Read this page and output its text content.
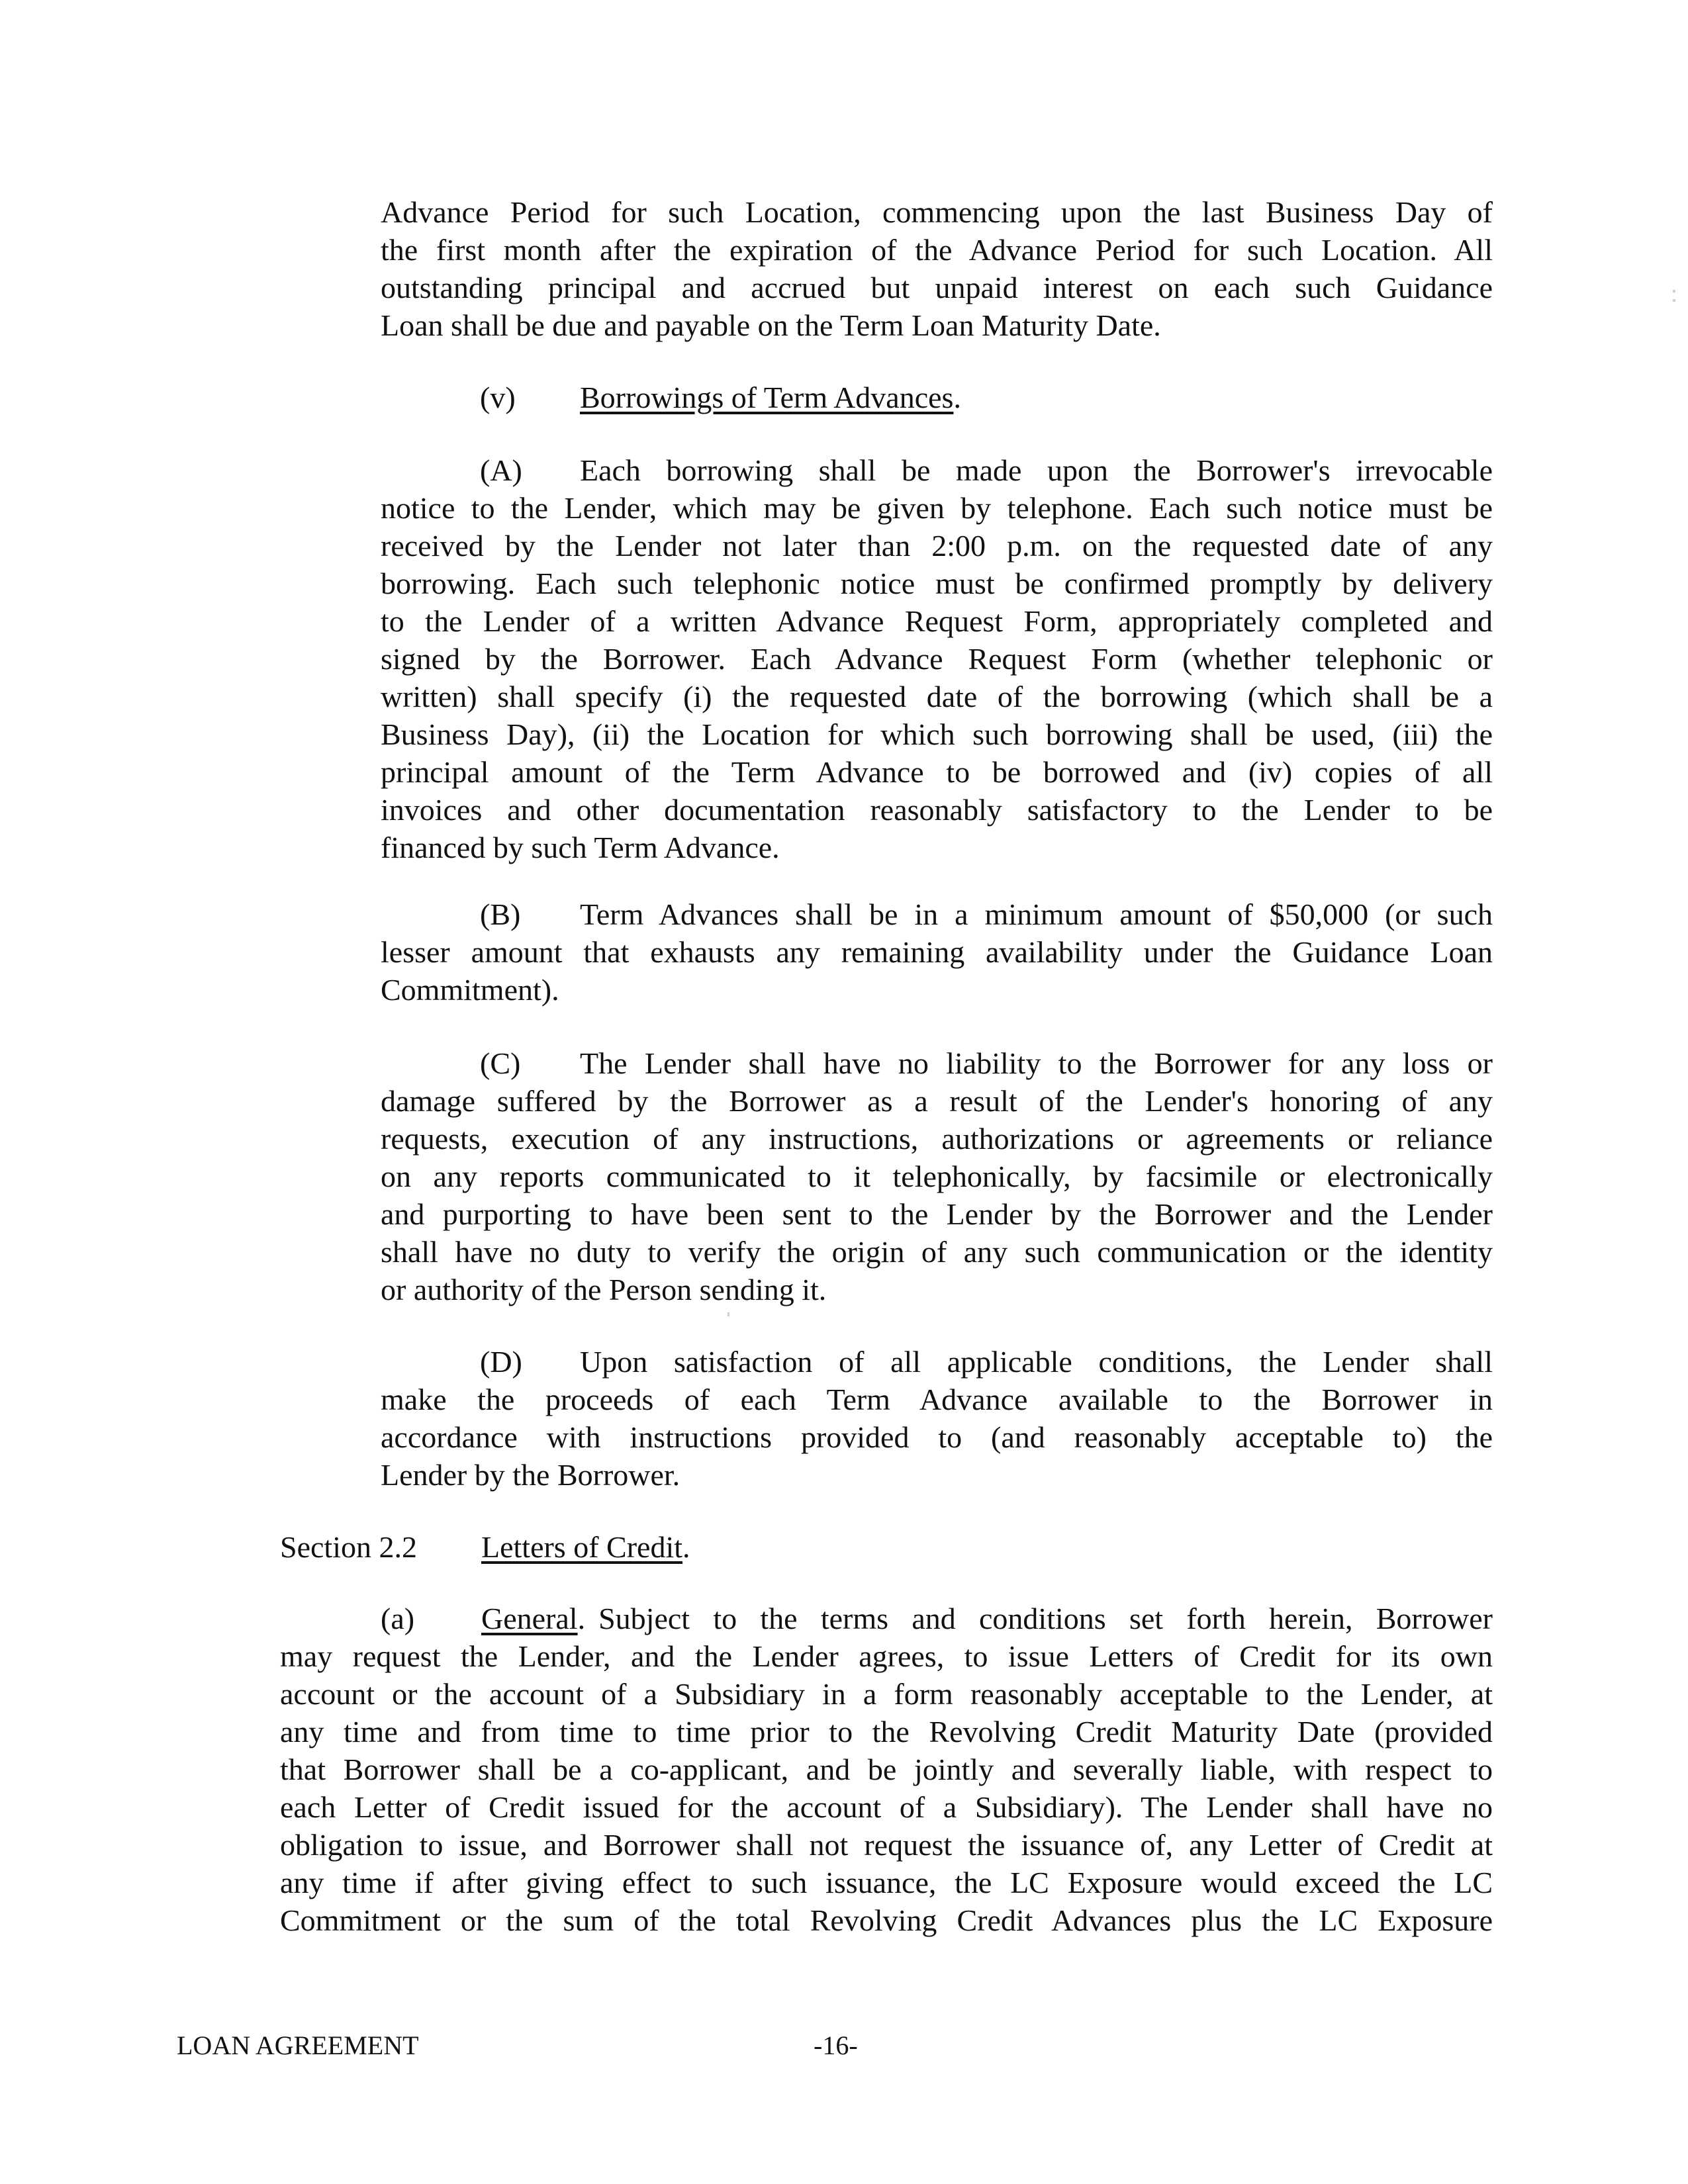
Advance Period for such Location, commencing upon the last Business Day of
the first month after the expiration of the Advance Period for such Location. All
outstanding principal and accrued but unpaid interest on each such Guidance
Loan shall be due and payable on the Term Loan Maturity Date.
(v) Borrowings of Term Advances.
(A) Each borrowing shall be made upon the Borrower's irrevocable
notice to the Lender, which may be given by telephone. Each such notice must be
received by the Lender not later than 2:00 p.m. on the requested date of any
borrowing. Each such telephonic notice must be confirmed promptly by delivery
to the Lender of a written Advance Request Form, appropriately completed and
signed by the Borrower. Each Advance Request Form (whether telephonic or
written) shall specify (i) the requested date of the borrowing (which shall be a
Business Day), (ii) the Location for which such borrowing shall be used, (iii) the
principal amount of the Term Advance to be borrowed and (iv) copies of all
invoices and other documentation reasonably satisfactory to the Lender to be
financed by such Term Advance.
(B) Term Advances shall be in a minimum amount of $50,000 (or such
lesser amount that exhausts any remaining availability under the Guidance Loan
Commitment).
(C) The Lender shall have no liability to the Borrower for any loss or
damage suffered by the Borrower as a result of the Lender's honoring of any
requests, execution of any instructions, authorizations or agreements or reliance
on any reports communicated to it telephonically, by facsimile or electronically
and purporting to have been sent to the Lender by the Borrower and the Lender
shall have no duty to verify the origin of any such communication or the identity
or authority of the Person sending it.
(D) Upon satisfaction of all applicable conditions, the Lender shall
make the proceeds of each Term Advance available to the Borrower in
accordance with instructions provided to (and reasonably acceptable to) the
Lender by the Borrower.
Section 2.2 Letters of Credit.
(a) General. Subject to the terms and conditions set forth herein, Borrower
may request the Lender, and the Lender agrees, to issue Letters of Credit for its own
account or the account of a Subsidiary in a form reasonably acceptable to the Lender, at
any time and from time to time prior to the Revolving Credit Maturity Date (provided
that Borrower shall be a co-applicant, and be jointly and severally liable, with respect to
each Letter of Credit issued for the account of a Subsidiary). The Lender shall have no
obligation to issue, and Borrower shall not request the issuance of, any Letter of Credit at
any time if after giving effect to such issuance, the LC Exposure would exceed the LC
Commitment or the sum of the total Revolving Credit Advances plus the LC Exposure
LOAN AGREEMENT	-16-
